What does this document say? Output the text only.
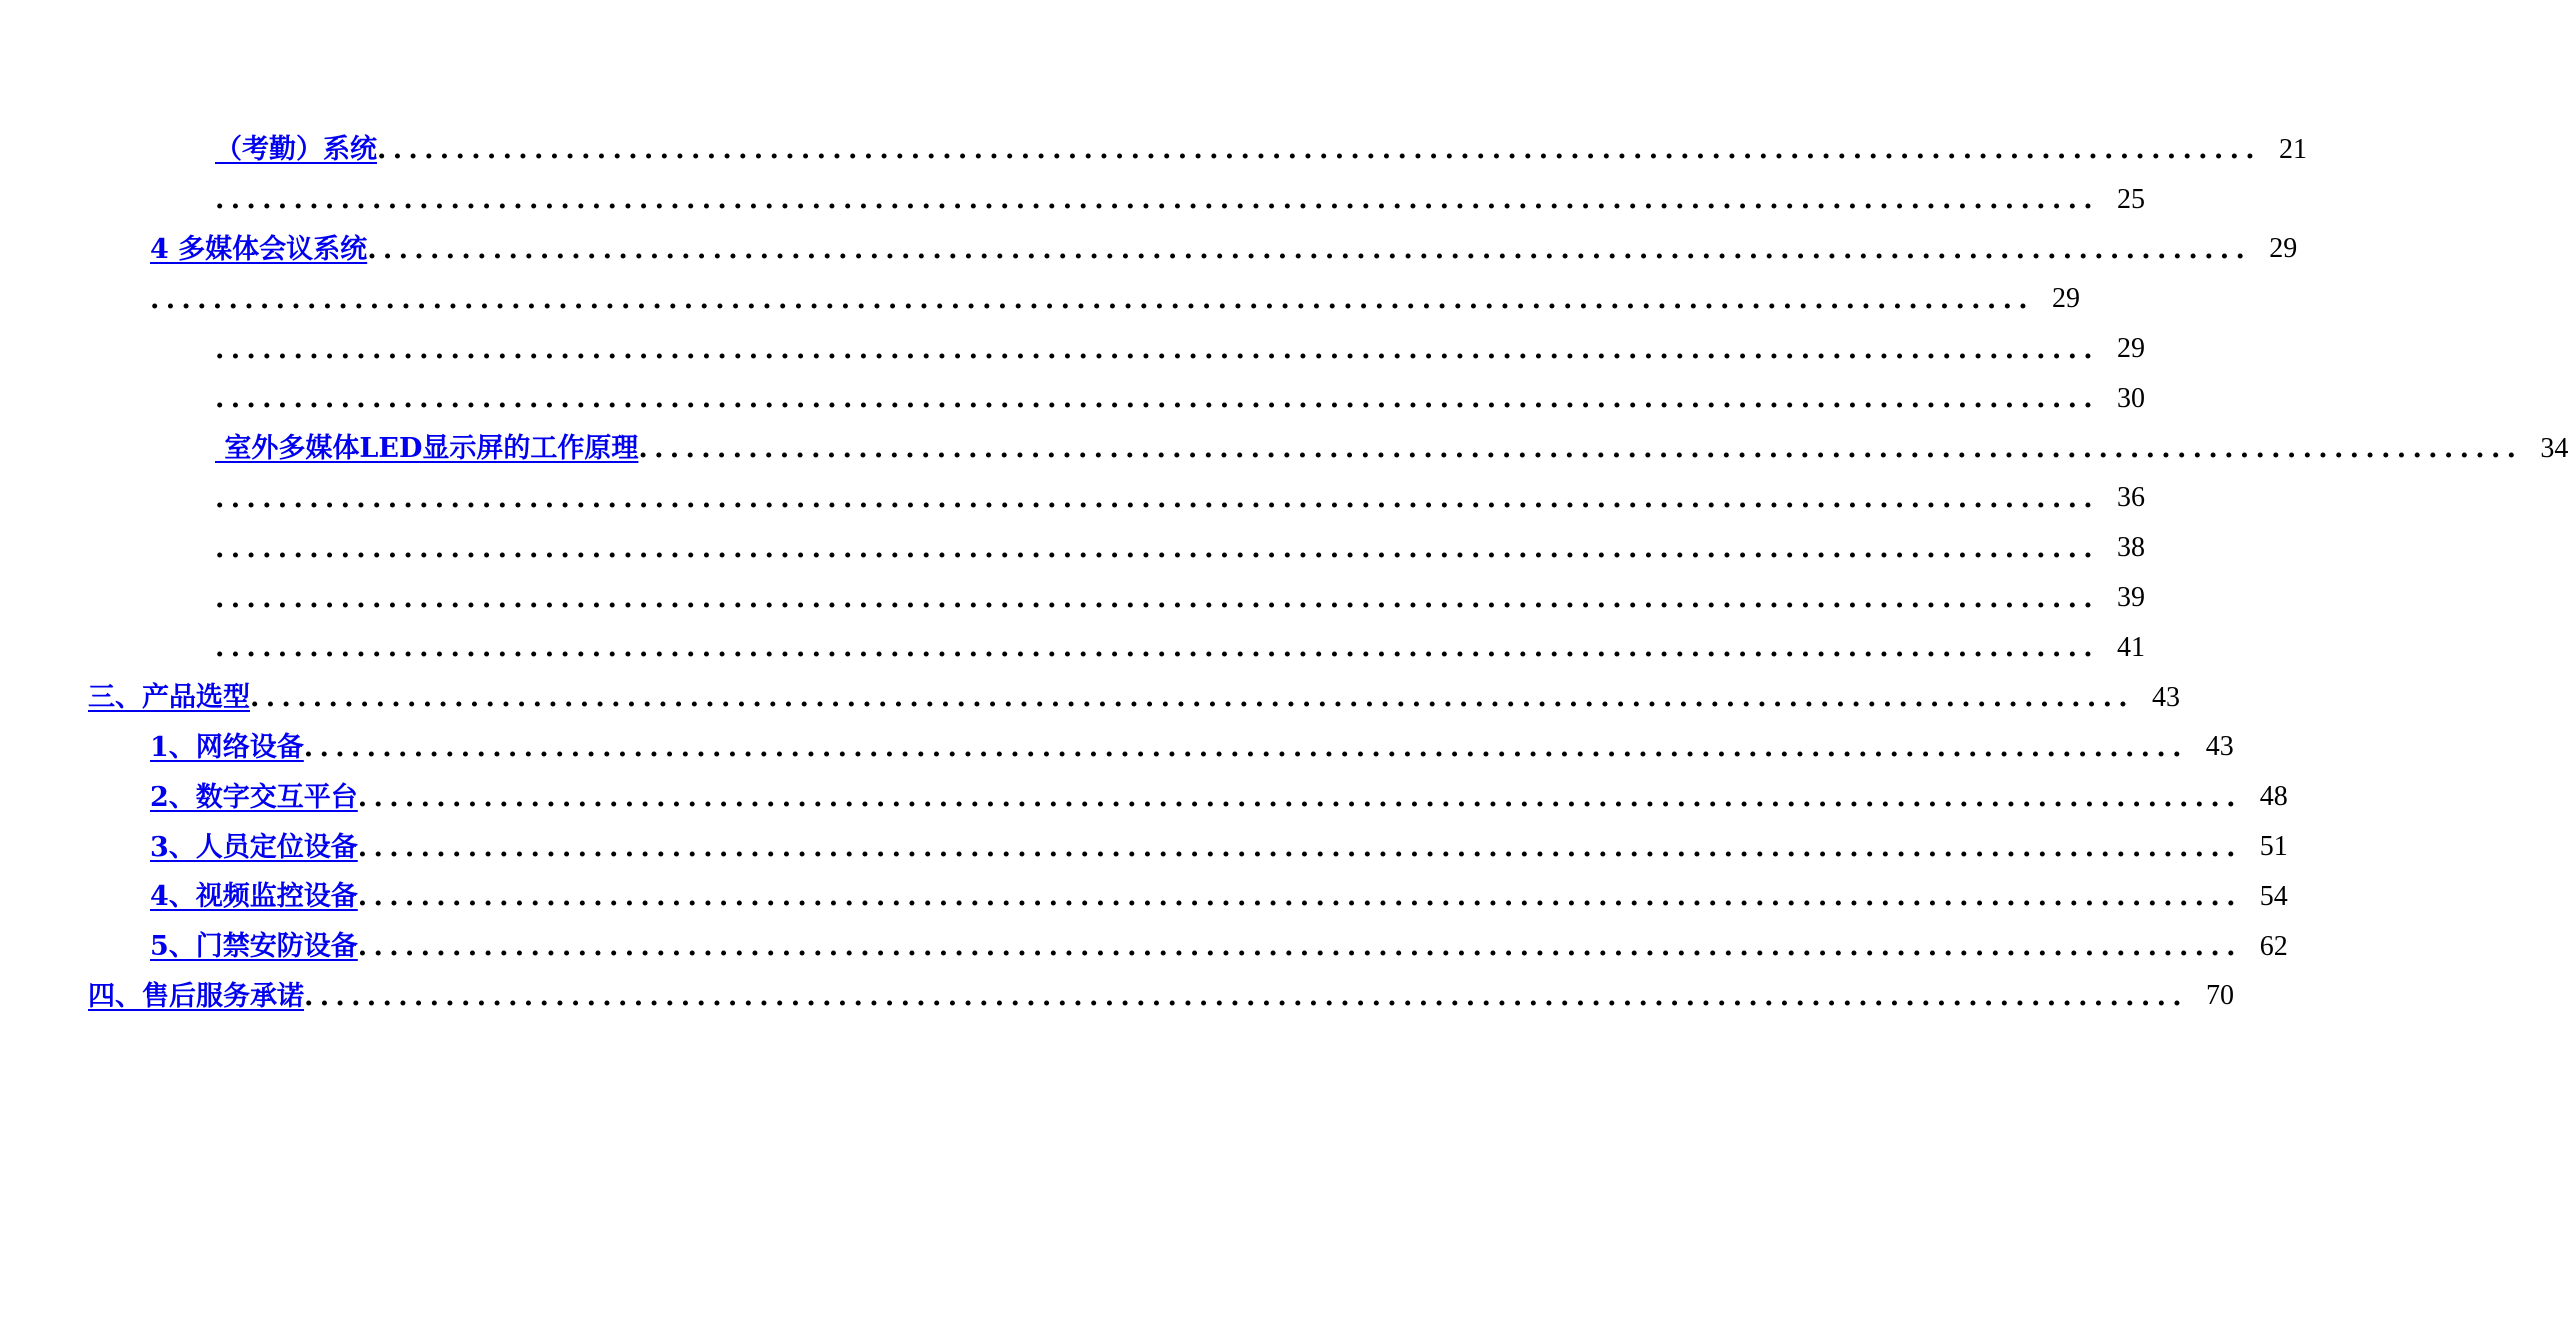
（考勤）系统 ........................................................................................................................ 21
........................................................................................................................ 25
4 多媒体会议系统 ........................................................................................................................ 29
........................................................................................................................ 29
........................................................................................................................ 29
........................................................................................................................ 30
室外多媒体LED显示屏的工作原理 ........................................................................................................................ 34
........................................................................................................................ 36
........................................................................................................................ 38
........................................................................................................................ 39
........................................................................................................................ 41
三、产品选型 ........................................................................................................................ 43
1、网络设备 ........................................................................................................................ 43
2、数字交互平台 ........................................................................................................................ 48
3、人员定位设备 ........................................................................................................................ 51
4、视频监控设备 ........................................................................................................................ 54
5、门禁安防设备 ........................................................................................................................ 62
四、售后服务承诺 ........................................................................................................................ 70
